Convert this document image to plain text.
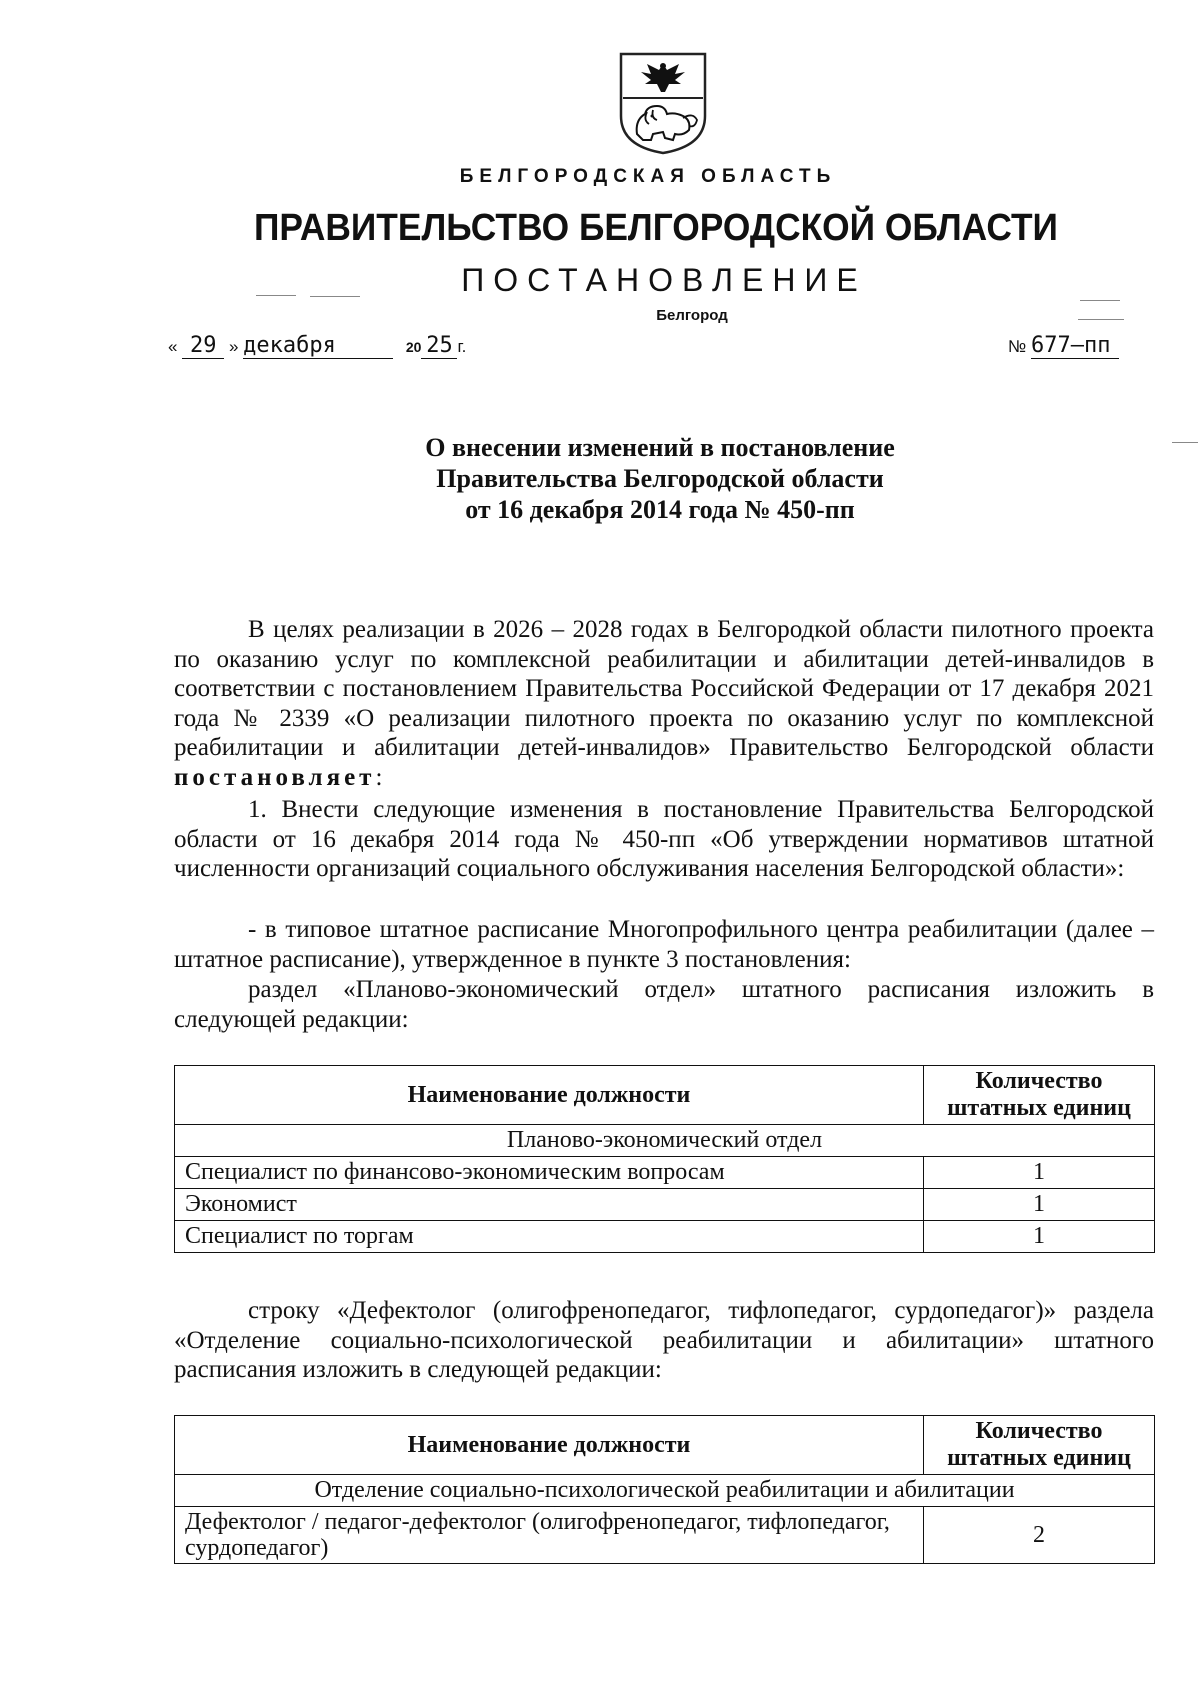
БЕЛГОРОДСКАЯ ОБЛАСТЬ
ПРАВИТЕЛЬСТВО БЕЛГОРОДСКОЙ ОБЛАСТИ
ПОСТАНОВЛЕНИЕ
Белгород
« 29 » декабря	20 25 г.	№ 677–пп
О внесении изменений в постановление
Правительства Белгородской области
от 16 декабря 2014 года № 450-пп
В целях реализации в 2026 – 2028 годах в Белгородкой области пилотного проекта по оказанию услуг по комплексной реабилитации и абилитации детей-инвалидов в соответствии с постановлением Правительства Российской Федерации от 17 декабря 2021 года № 2339 «О реализации пилотного проекта по оказанию услуг по комплексной реабилитации и абилитации детей-инвалидов» Правительство Белгородской области постановляет:
1. Внести следующие изменения в постановление Правительства Белгородской области от 16 декабря 2014 года № 450-пп «Об утверждении нормативов штатной численности организаций социального обслуживания населения Белгородской области»:
- в типовое штатное расписание Многопрофильного центра реабилитации (далее – штатное расписание), утвержденное в пункте 3 постановления:
раздел «Планово-экономический отдел» штатного расписания изложить в следующей редакции:
Наименование должности	Количество штатных единиц
Планово-экономический отдел	
Специалист по финансово-экономическим вопросам	1
Экономист	1
Специалист по торгам	1
строку «Дефектолог (олигофренопедагог, тифлопедагог, сурдопедагог)» раздела «Отделение социально-психологической реабилитации и абилитации» штатного расписания изложить в следующей редакции:
Наименование должности	Количество штатных единиц
Отделение социально-психологической реабилитации и абилитации	
Дефектолог / педагог-дефектолог (олигофренопедагог, тифлопедагог, сурдопедагог)	2
